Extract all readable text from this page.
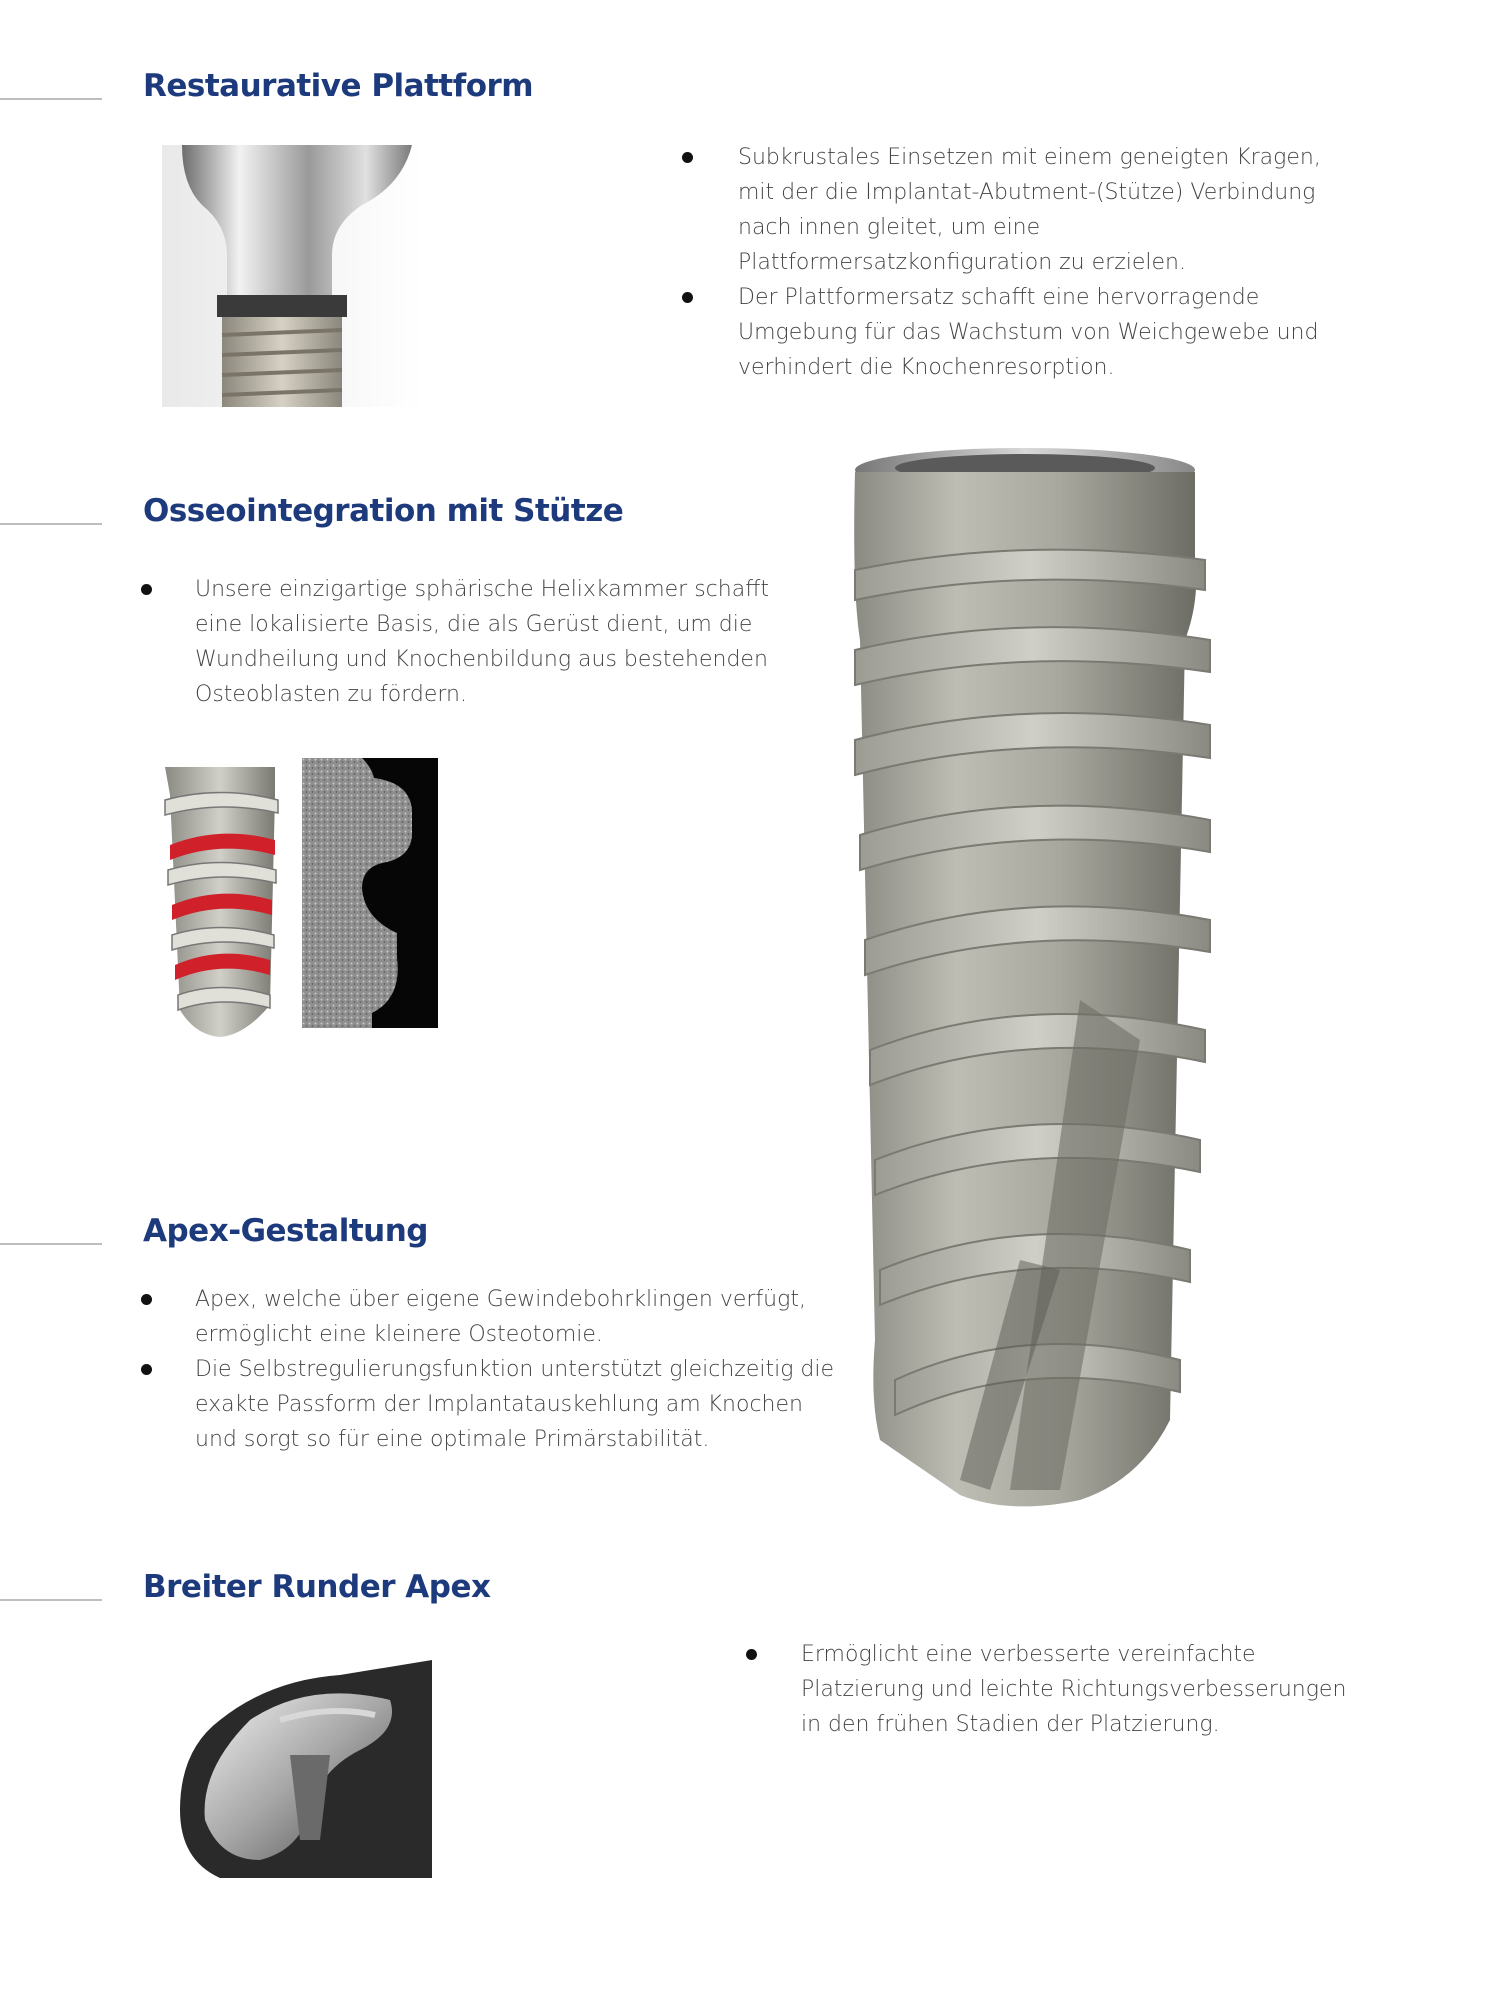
Restaurative Plattform
Subkrustales Einsetzen mit einem geneigten Kragen, mit der die Implantat-Abutment-(Stütze) Verbindung nach innen gleitet, um eine Plattformersatzkonfiguration zu erzielen.
Der Plattformersatz schafft eine hervorragende Umgebung für das Wachstum von Weichgewebe und verhindert die Knochenresorption.
Osseointegration mit Stütze
Unsere einzigartige sphärische Helixkammer schafft eine lokalisierte Basis, die als Gerüst dient, um die Wundheilung und Knochenbildung aus bestehenden Osteoblasten zu fördern.
Apex-Gestaltung
Apex, welche über eigene Gewindebohrklingen verfügt, ermöglicht eine kleinere Osteotomie.
Die Selbstregulierungsfunktion unterstützt gleichzeitig die exakte Passform der Implantatauskehlung am Knochen und sorgt so für eine optimale Primärstabilität.
Breiter Runder Apex
Ermöglicht eine verbesserte vereinfachte Platzierung und leichte Richtungsverbesserungen in den frühen Stadien der Platzierung.
